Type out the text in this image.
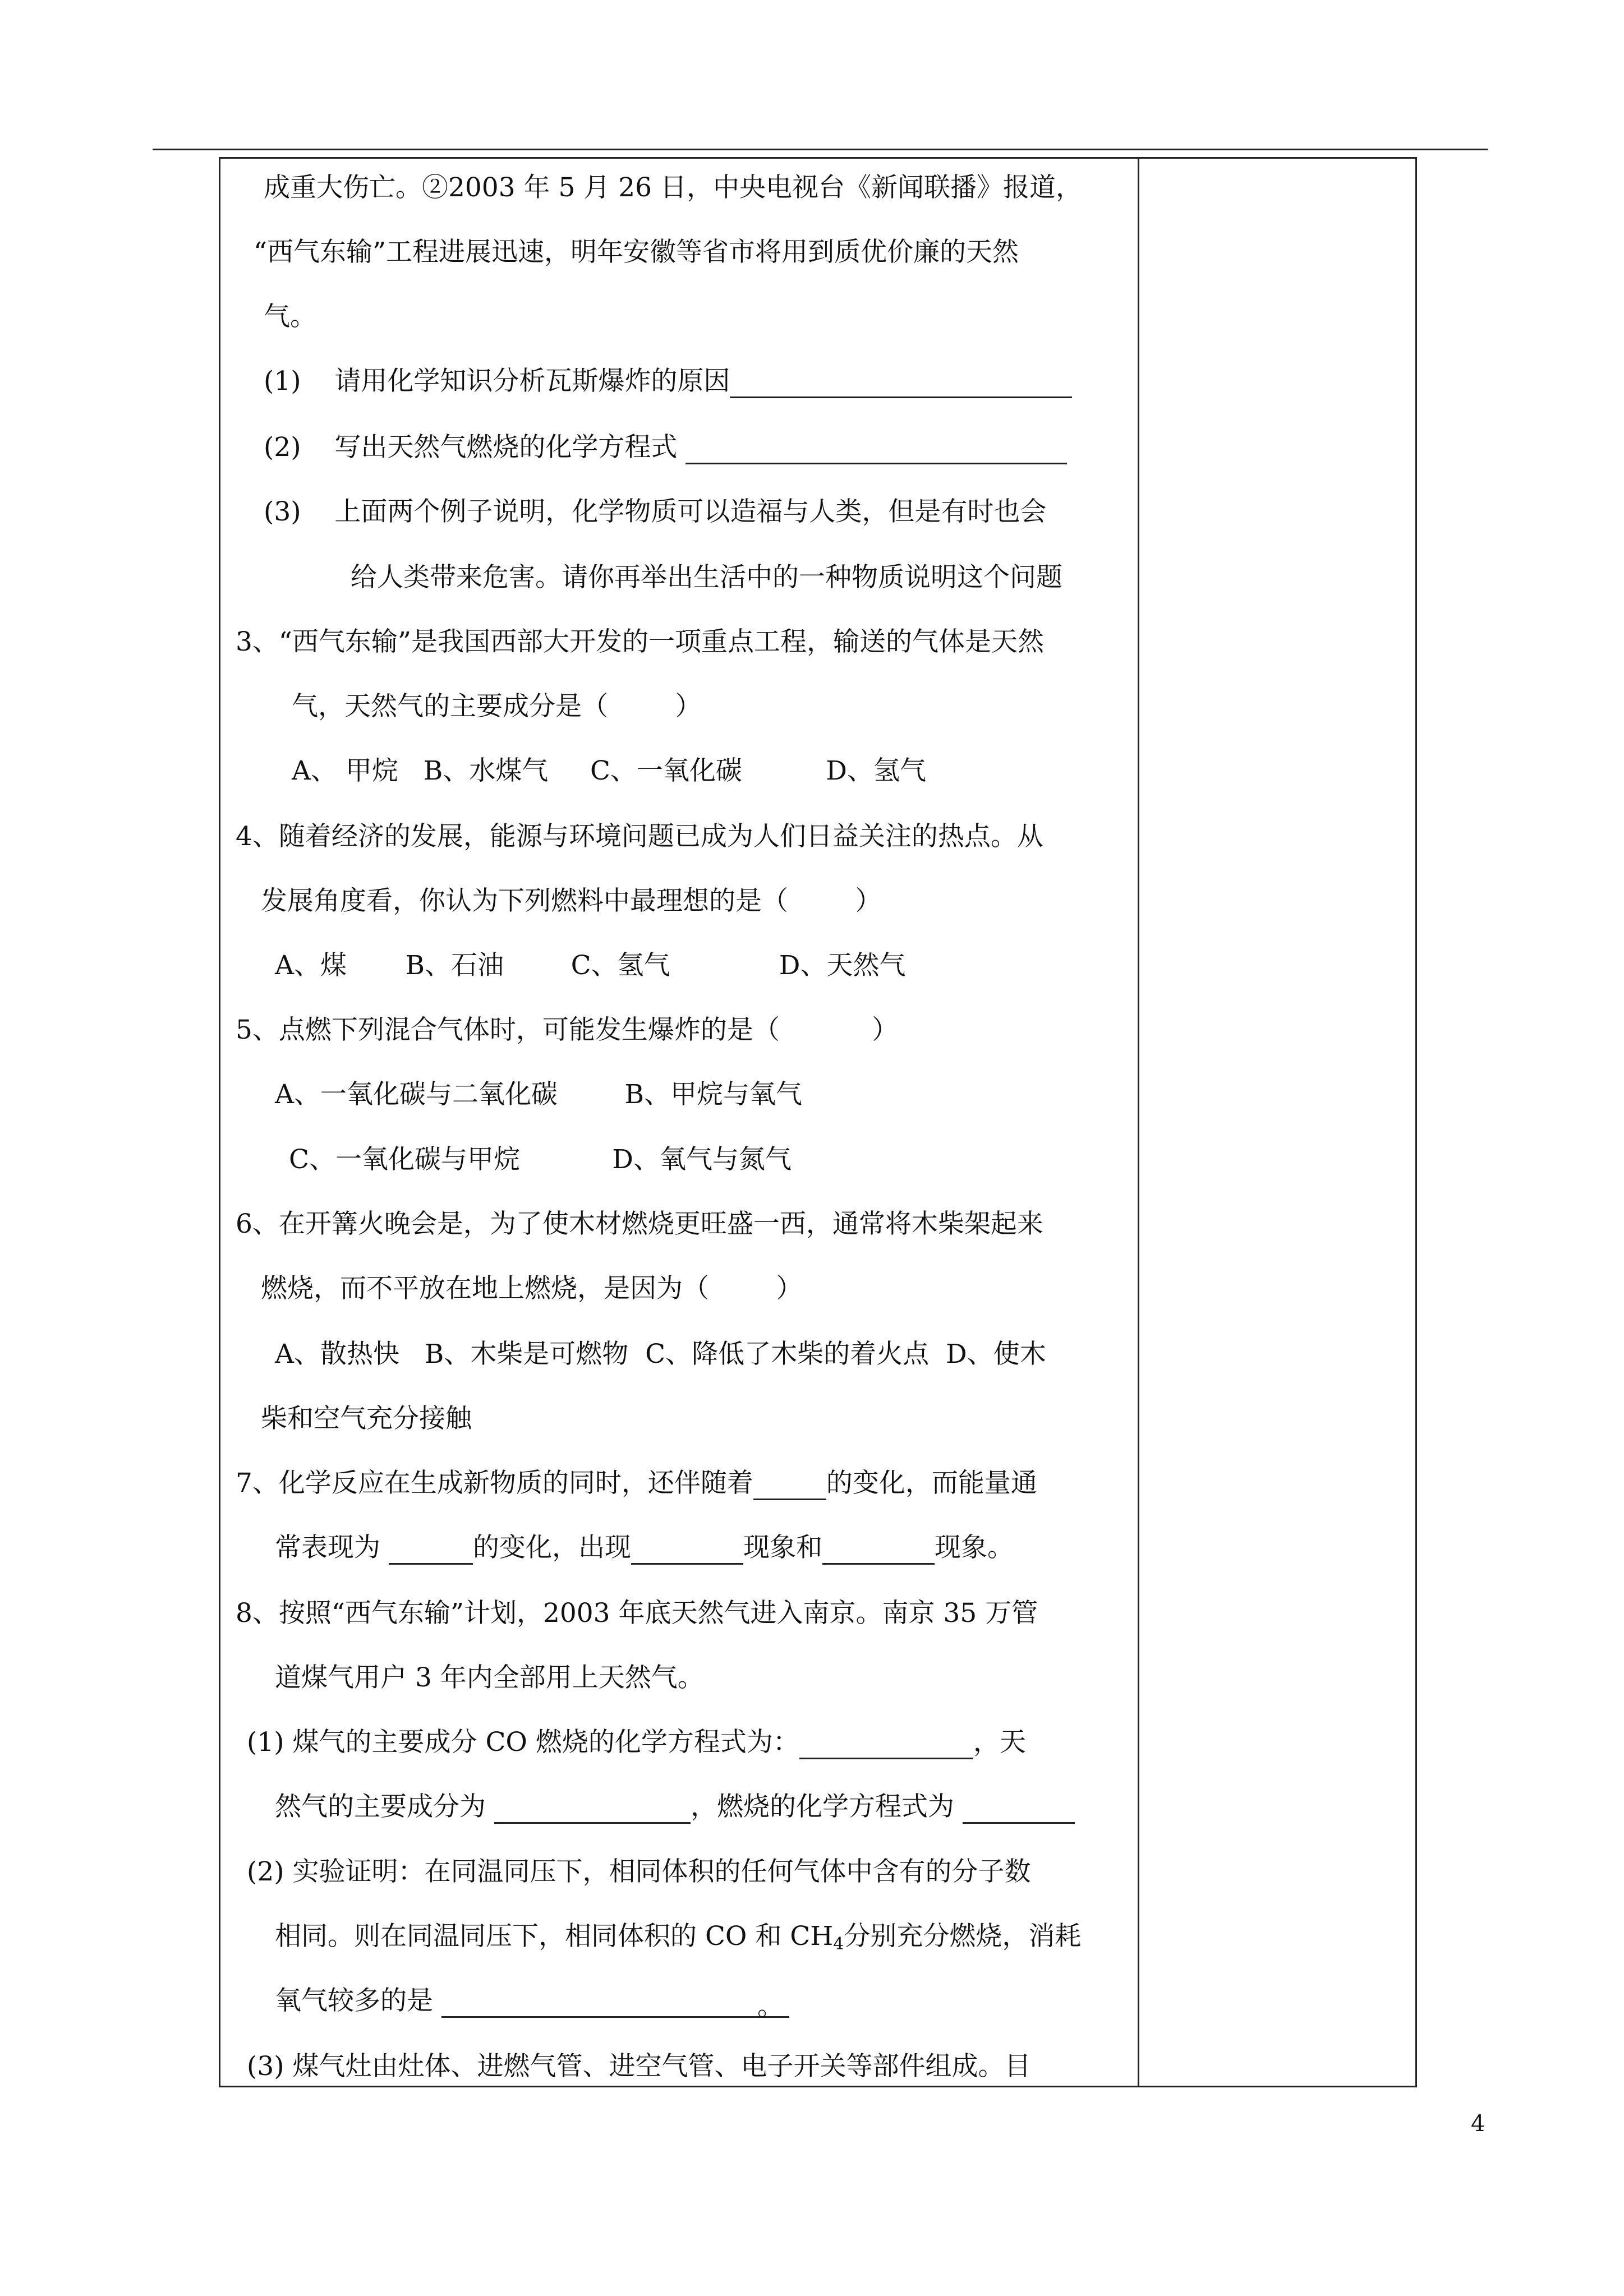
成重大伤亡。②2003 年 5 月 26 日，中央电视台《新闻联播》报道，
“西气东输”工程进展迅速，明年安徽等省市将用到质优价廉的天然
气。
(1)    请用化学知识分析瓦斯爆炸的原因
(2)    写出天然气燃烧的化学方程式
(3)    上面两个例子说明，化学物质可以造福与人类，但是有时也会
给人类带来危害。请你再举出生活中的一种物质说明这个问题
3、“西气东输”是我国西部大开发的一项重点工程，输送的气体是天然
气，天然气的主要成分是（        ）
A、 甲烷   B、水煤气     C、一氧化碳          D、氢气
4、随着经济的发展，能源与环境问题已成为人们日益关注的热点。从
发展角度看，你认为下列燃料中最理想的是（        ）
A、煤       B、石油        C、氢气             D、天然气
5、点燃下列混合气体时，可能发生爆炸的是（           ）
A、一氧化碳与二氧化碳        B、甲烷与氧气
C、一氧化碳与甲烷           D、氧气与氮气
6、在开篝火晚会是，为了使木材燃烧更旺盛一西，通常将木柴架起来
燃烧，而不平放在地上燃烧，是因为（        ）
A、散热快   B、木柴是可燃物  C、降低了木柴的着火点  D、使木
柴和空气充分接触
7、化学反应在生成新物质的同时，还伴随着	的变化，而能量通
常表现为	的变化，出现	现象和	现象。
8、按照“西气东输”计划，2003 年底天然气进入南京。南京 35 万管
道煤气用户 3 年内全部用上天然气。
(1) 煤气的主要成分 CO 燃烧的化学方程式为：	，天
然气的主要成分为	，燃烧的化学方程式为
(2) 实验证明：在同温同压下，相同体积的任何气体中含有的分子数
相同。则在同温同压下，相同体积的 CO 和 $CH_4$分别充分燃烧，消耗
氧气较多的是	。
(3) 煤气灶由灶体、进燃气管、进空气管、电子开关等部件组成。目
4
